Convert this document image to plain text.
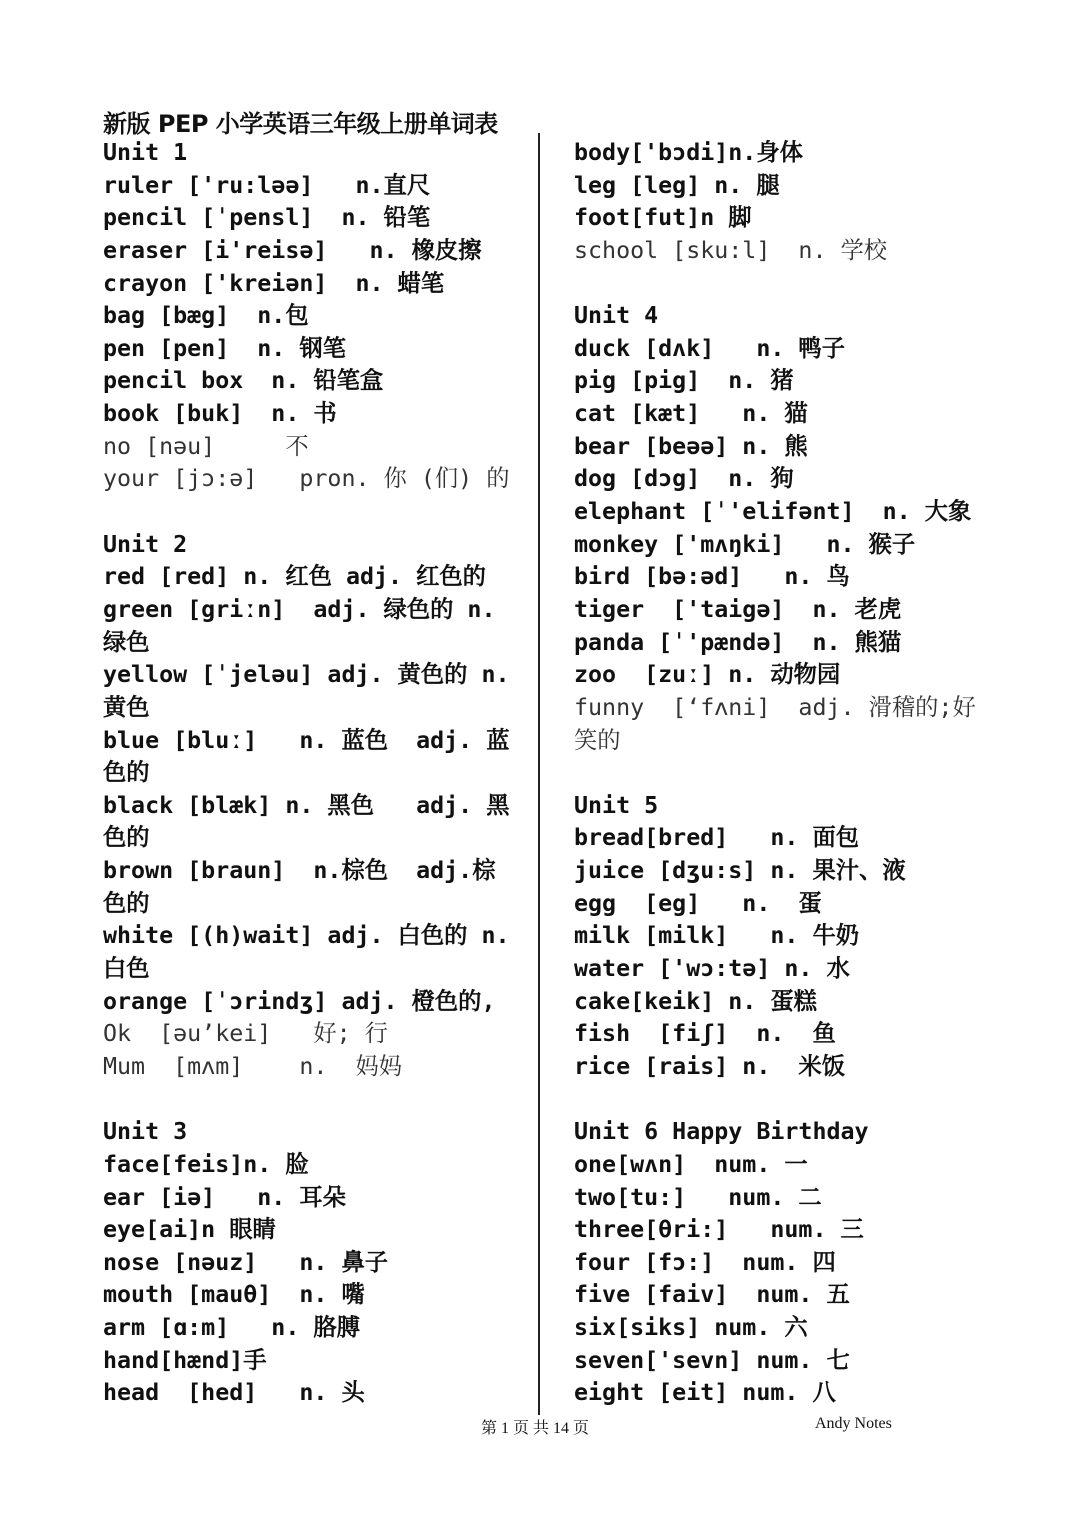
新版 PEP 小学英语三年级上册单词表
Unit 1
ruler ['ru:ləə]   n.直尺
pencil [ˈpensl]  n. 铅笔
eraser [i'reisə]   n. 橡皮擦
crayon ['kreiən]  n. 蜡笔
bag [bæg]  n.包
pen [pen]  n. 钢笔
pencil box  n. 铅笔盒
book [buk]  n. 书
no [nəu]     不
your [jɔ:ə]   pron. 你 (们) 的
Unit 2
red [red] n. 红色 adj. 红色的
green [griːn]  adj. 绿色的 n.
绿色
yellow [ˈjeləu] adj. 黄色的 n.
黄色
blue [bluː]   n. 蓝色  adj. 蓝
色的
black [blæk] n. 黑色   adj. 黑
色的
brown [braun]  n.棕色  adj.棕
色的
white [(h)wait] adj. 白色的 n.
白色
orange [ˈɔrindʒ] adj. 橙色的,
Ok  [əu’kei]   好; 行
Mum  [mʌm]    n.  妈妈
Unit 3
face[feis]n. 脸
ear [iə]   n. 耳朵
eye[ai]n 眼睛
nose [nəuz]   n. 鼻子
mouth [mauθ]  n. 嘴
arm [ɑ:m]   n. 胳膊
hand[hænd]手
head  [hed]   n. 头
body['bɔdi]n.身体
leg [leg] n. 腿
foot[fut]n 脚
school [sku:l]  n. 学校
Unit 4
duck [dʌk]   n. 鸭子
pig [pig]  n. 猪
cat [kæt]   n. 猫
bear [beəə] n. 熊
dog [dɔg]  n. 狗
elephant [ˈ'elifənt]  n. 大象
monkey ['mʌŋki]   n. 猴子
bird [bə:əd]   n. 鸟
tiger  ['taigə]  n. 老虎
panda [ˈ'pændə]  n. 熊猫
zoo  [zuː] n. 动物园
funny  [‘fʌni]  adj. 滑稽的;好
笑的
Unit 5
bread[bred]   n. 面包
juice [dʒu:s] n. 果汁、液
egg  [eg]   n.  蛋
milk [milk]   n. 牛奶
water ['wɔ:tə] n. 水
cake[keik] n. 蛋糕
fish  [fiʃ]  n.  鱼
rice [rais] n.  米饭
Unit 6 Happy Birthday
one[wʌn]  num. 一
two[tu:]   num. 二
three[θri:]   num. 三
four [fɔ:]  num. 四
five [faiv]  num. 五
six[siks] num. 六
seven['sevn] num. 七
eight [eit] num. 八
第 1 页 共 14 页	Andy Notes
